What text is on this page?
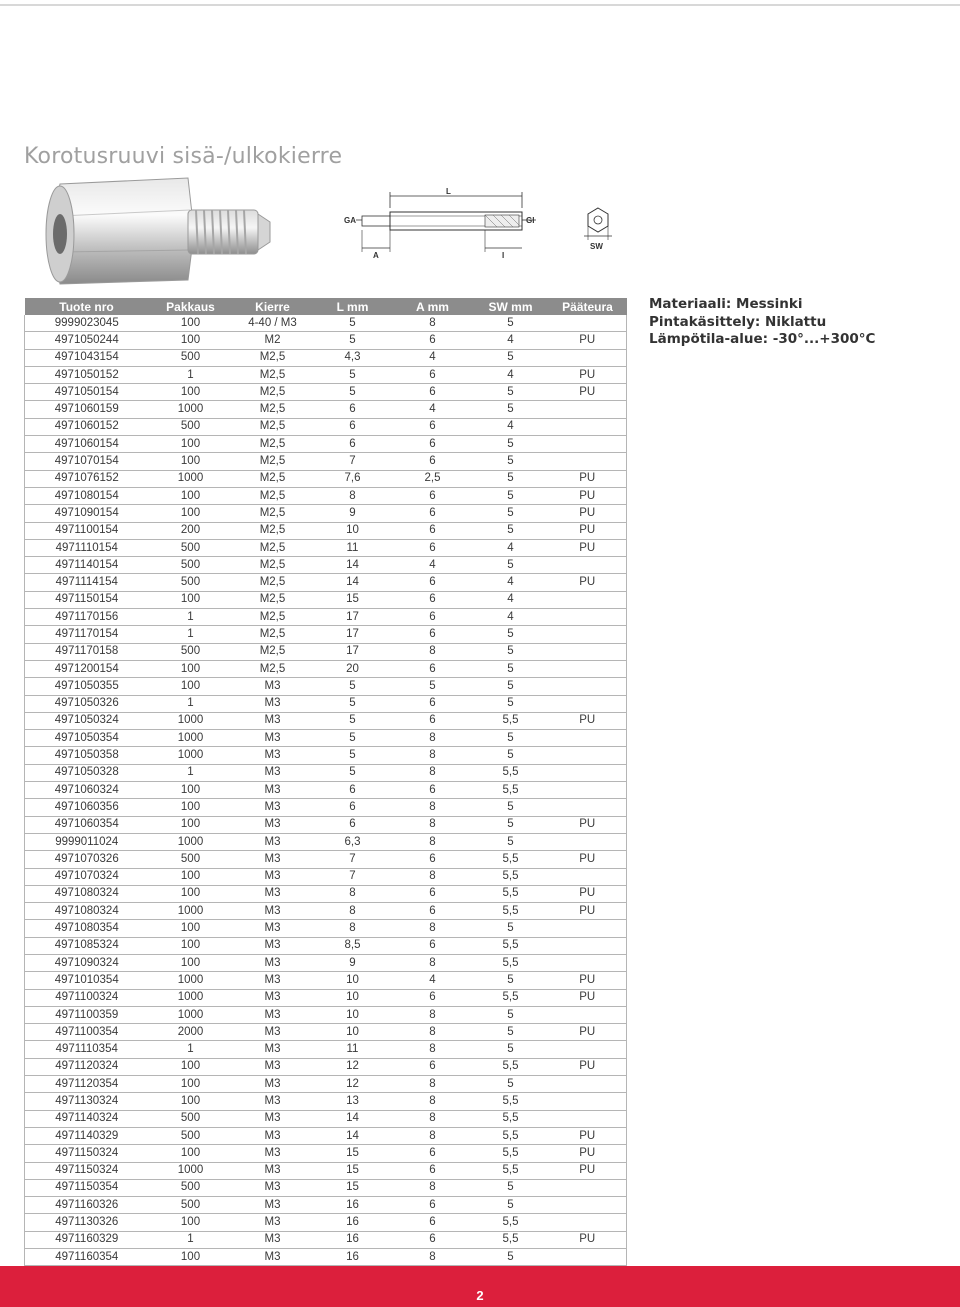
Korotusruuvi sisä-/ulkokierre
L
GA	GI
A	I
SW
Tuote nro	Pakkaus	Kierre	L mm	A mm	SW mm	Pääteura
9999023045	100	4-40 / M3	5	8	5	
4971050244	100	M2	5	6	4	PU
4971043154	500	M2,5	4,3	4	5	
4971050152	1	M2,5	5	6	4	PU
4971050154	100	M2,5	5	6	5	PU
4971060159	1000	M2,5	6	4	5	
4971060152	500	M2,5	6	6	4	
4971060154	100	M2,5	6	6	5	
4971070154	100	M2,5	7	6	5	
4971076152	1000	M2,5	7,6	2,5	5	PU
4971080154	100	M2,5	8	6	5	PU
4971090154	100	M2,5	9	6	5	PU
4971100154	200	M2,5	10	6	5	PU
4971110154	500	M2,5	11	6	4	PU
4971140154	500	M2,5	14	4	5	
4971114154	500	M2,5	14	6	4	PU
4971150154	100	M2,5	15	6	4	
4971170156	1	M2,5	17	6	4	
4971170154	1	M2,5	17	6	5	
4971170158	500	M2,5	17	8	5	
4971200154	100	M2,5	20	6	5	
4971050355	100	M3	5	5	5	
4971050326	1	M3	5	6	5	
4971050324	1000	M3	5	6	5,5	PU
4971050354	1000	M3	5	8	5	
4971050358	1000	M3	5	8	5	
4971050328	1	M3	5	8	5,5	
4971060324	100	M3	6	6	5,5	
4971060356	100	M3	6	8	5	
4971060354	100	M3	6	8	5	PU
9999011024	1000	M3	6,3	8	5	
4971070326	500	M3	7	6	5,5	PU
4971070324	100	M3	7	8	5,5	
4971080324	100	M3	8	6	5,5	PU
4971080324	1000	M3	8	6	5,5	PU
4971080354	100	M3	8	8	5	
4971085324	100	M3	8,5	6	5,5	
4971090324	100	M3	9	8	5,5	
4971010354	1000	M3	10	4	5	PU
4971100324	1000	M3	10	6	5,5	PU
4971100359	1000	M3	10	8	5	
4971100354	2000	M3	10	8	5	PU
4971110354	1	M3	11	8	5	
4971120324	100	M3	12	6	5,5	PU
4971120354	100	M3	12	8	5	
4971130324	100	M3	13	8	5,5	
4971140324	500	M3	14	8	5,5	
4971140329	500	M3	14	8	5,5	PU
4971150324	100	M3	15	6	5,5	PU
4971150324	1000	M3	15	6	5,5	PU
4971150354	500	M3	15	8	5	
4971160326	500	M3	16	6	5	
4971130326	100	M3	16	6	5,5	
4971160329	1	M3	16	6	5,5	PU
4971160354	100	M3	16	8	5	
Materiaali: Messinki
Pintakäsittely: Niklattu
Lämpötila-alue: -30°...+300°C
2
